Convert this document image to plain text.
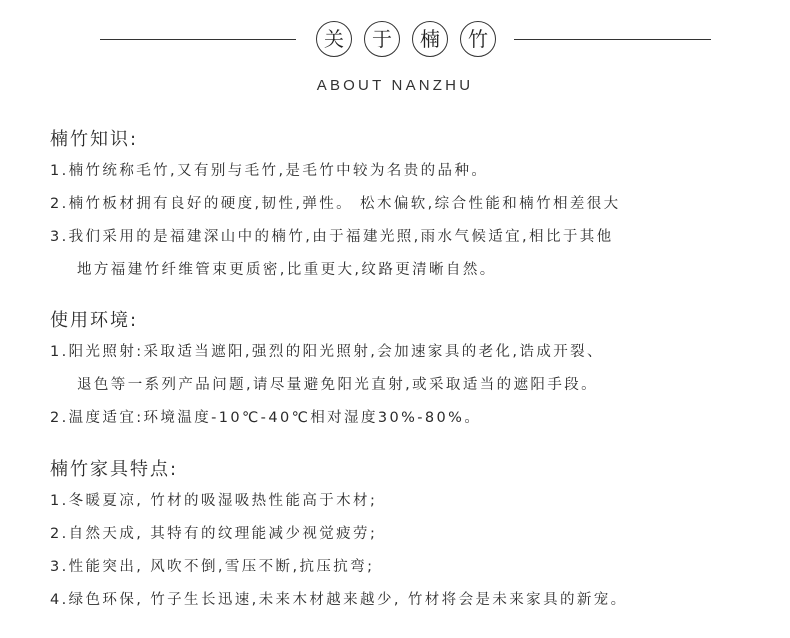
关	于	楠	竹
ABOUT NANZHU
楠竹知识:
1.楠竹统称毛竹,又有别与毛竹,是毛竹中较为名贵的品种。
2.楠竹板材拥有良好的硬度,韧性,弹性。 松木偏软,综合性能和楠竹相差很大
3.我们采用的是福建深山中的楠竹,由于福建光照,雨水气候适宜,相比于其他
地方福建竹纤维管束更质密,比重更大,纹路更清晰自然。
使用环境:
1.阳光照射:采取适当遮阳,强烈的阳光照射,会加速家具的老化,诰成开裂、
退色等一系列产品问题,请尽量避免阳光直射,或采取适当的遮阳手段。
2.温度适宜:环境温度-10℃-40℃相对湿度30%-80%。
楠竹家具特点:
1.冬暖夏凉, 竹材的吸湿吸热性能高于木材;
2.自然天成, 其特有的纹理能减少视觉疲劳;
3.性能突出, 风吹不倒,雪压不断,抗压抗弯;
4.绿色环保, 竹子生长迅速,未来木材越来越少, 竹材将会是未来家具的新宠。
